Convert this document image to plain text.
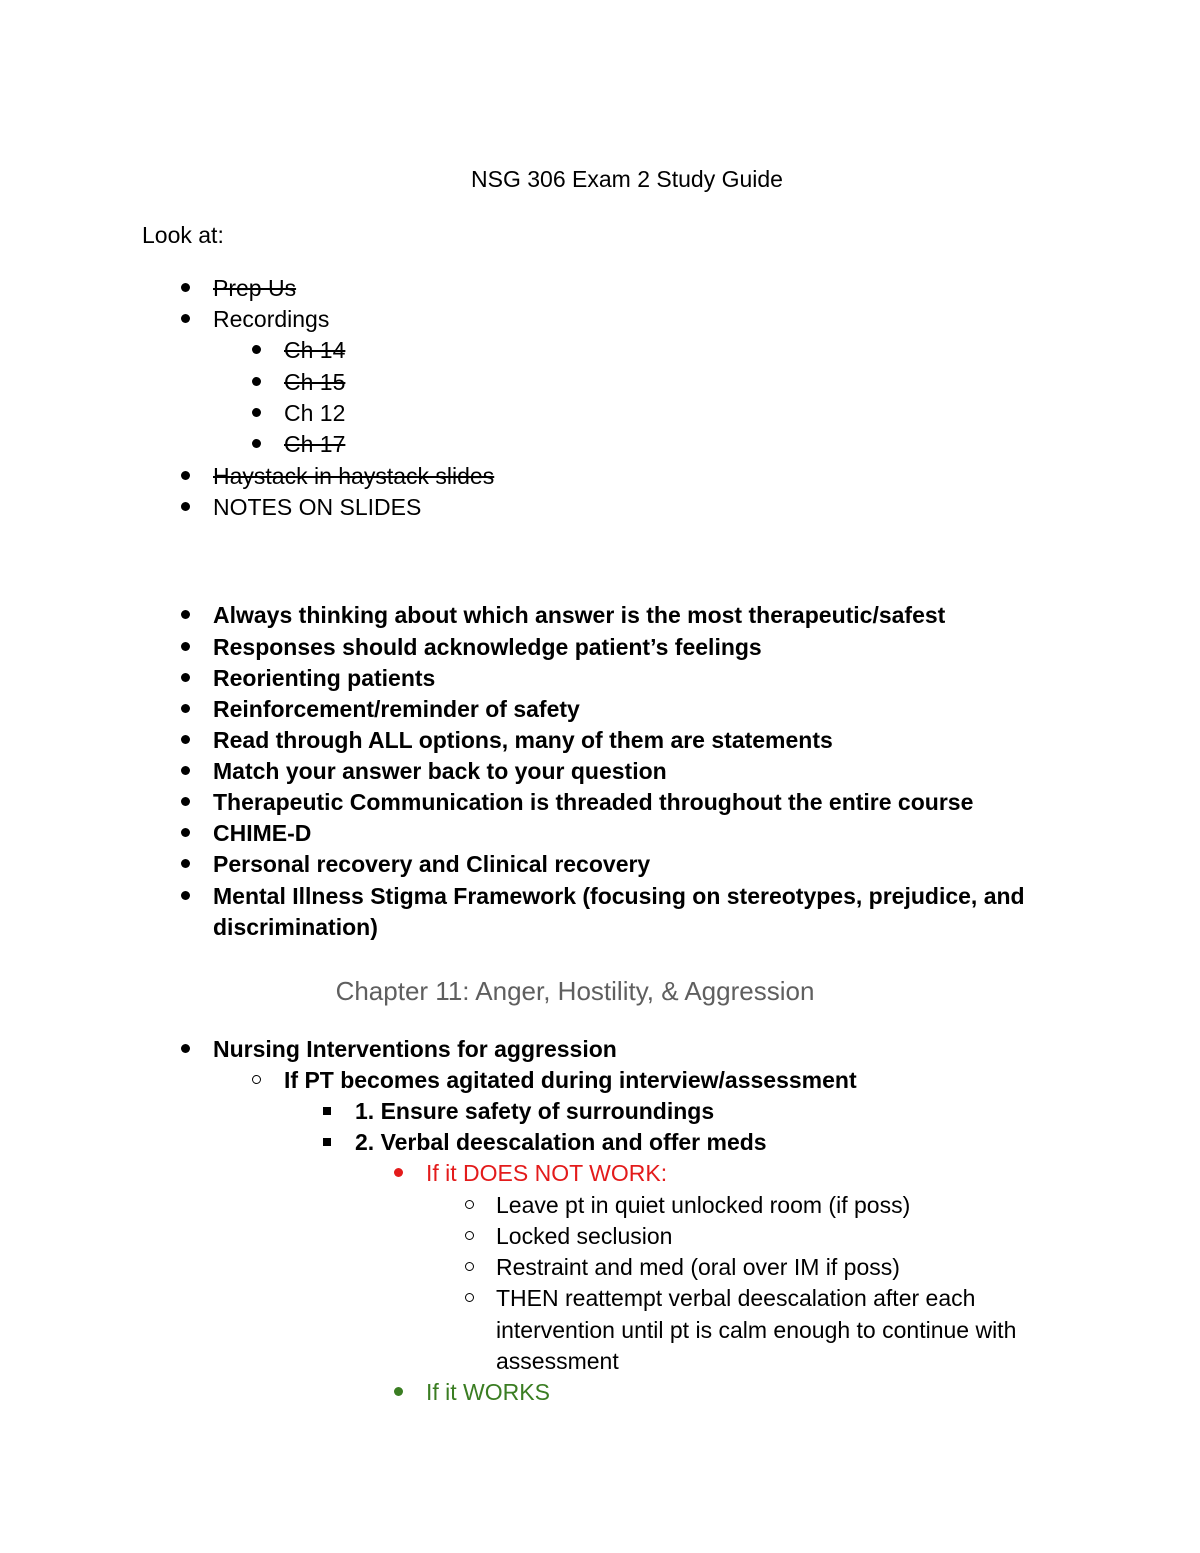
NSG 306 Exam 2 Study Guide
Look at:
Prep Us
Recordings
Ch 14
Ch 15
Ch 12
Ch 17
Haystack in haystack slides
NOTES ON SLIDES
Always thinking about which answer is the most therapeutic/safest
Responses should acknowledge patient’s feelings
Reorienting patients
Reinforcement/reminder of safety
Read through ALL options, many of them are statements
Match your answer back to your question
Therapeutic Communication is threaded throughout the entire course
CHIME-D
Personal recovery and Clinical recovery
Mental Illness Stigma Framework (focusing on stereotypes, prejudice, and
discrimination)
Chapter 11: Anger, Hostility, & Aggression
Nursing Interventions for aggression
If PT becomes agitated during interview/assessment
1. Ensure safety of surroundings
2. Verbal deescalation and offer meds
If it DOES NOT WORK:
Leave pt in quiet unlocked room (if poss)
Locked seclusion
Restraint and med (oral over IM if poss)
THEN reattempt verbal deescalation after each
intervention until pt is calm enough to continue with
assessment
If it WORKS
